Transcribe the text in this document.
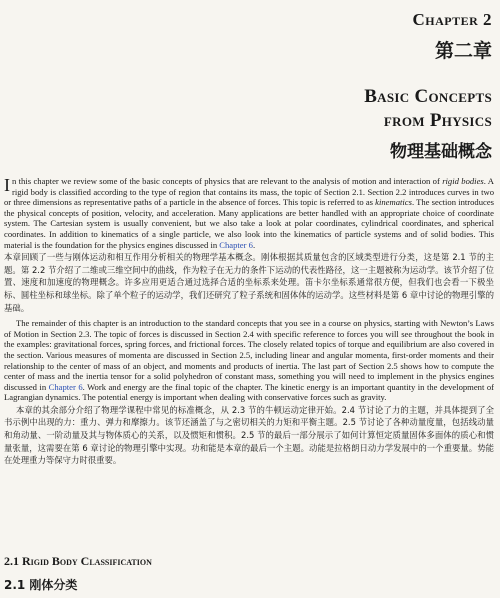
Chapter 2
第二章
Basic Concepts
from Physics
物理基础概念

In this chapter we review some of the basic concepts of physics that are relevant to the analysis of motion and interaction of rigid bodies. A rigid body is classified according to the type of region that contains its mass, the topic of Section 2.1. Section 2.2 introduces curves in two or three dimensions as representative paths of a particle in the absence of forces. This topic is referred to as kinematics. The section introduces the physical concepts of position, velocity, and acceleration. Many applications are better handled with an appropriate choice of coordinate system. The Cartesian system is usually convenient, but we also take a look at polar coordinates, cylindrical coordinates, and spherical coordinates. In addition to kinematics of a single particle, we also look into the kinematics of particle systems and of solid bodies. This material is the foundation for the physics engines discussed in Chapter 6.

本章回顾了一些与刚体运动和相互作用分析相关的物理学基本概念。刚体根据其质量包含的区域类型进行分类，这是第 2.1 节的主题。第 2.2 节介绍了二维或三维空间中的曲线，作为粒子在无力的条件下运动的代表性路径，这一主题被称为运动学。该节介绍了位置、速度和加速度的物理概念。许多应用更适合通过选择合适的坐标系来处理。笛卡尔坐标系通常很方便，但我们也会看一下极坐标、圆柱坐标和球坐标。除了单个粒子的运动学，我们还研究了粒子系统和固体体的运动学。这些材料是第 6 章中讨论的物理引擎的基础。

The remainder of this chapter is an introduction to the standard concepts that you see in a course on physics, starting with Newton’s Laws of Motion in Section 2.3. The topic of forces is discussed in Section 2.4 with specific reference to forces you will see throughout the book in the examples: gravitational forces, spring forces, and frictional forces. The closely related topics of torque and equilibrium are also covered in the section. Various measures of momenta are discussed in Section 2.5, including linear and angular momenta, first-order moments and their relationship to the center of mass of an object, and moments and products of inertia. The last part of Section 2.5 shows how to compute the center of mass and the inertia tensor for a solid polyhedron of constant mass, something you will need to implement in the physics engines discussed in Chapter 6. Work and energy are the final topic of the chapter. The kinetic energy is an important quantity in the development of Lagrangian dynamics. The potential energy is important when dealing with conservative forces such as gravity.

本章的其余部分介绍了物理学课程中常见的标准概念，从 2.3 节的牛顿运动定律开始。2.4 节讨论了力的主题，并具体提到了全书示例中出现的力：重力、弹力和摩擦力。该节还涵盖了与之密切相关的力矩和平衡主题。2.5 节讨论了各种动量度量，包括线动量和角动量、一阶动量及其与物体质心的关系，以及惯矩和惯积。2.5 节的最后一部分展示了如何计算恒定质量固体多面体的质心和惯量张量，这需要在第 6 章讨论的物理引擎中实现。功和能是本章的最后一个主题。动能是拉格朗日动力学发展中的一个重要量。势能在处理重力等保守力时很重要。

2.1 Rigid Body Classification
2.1 刚体分类
